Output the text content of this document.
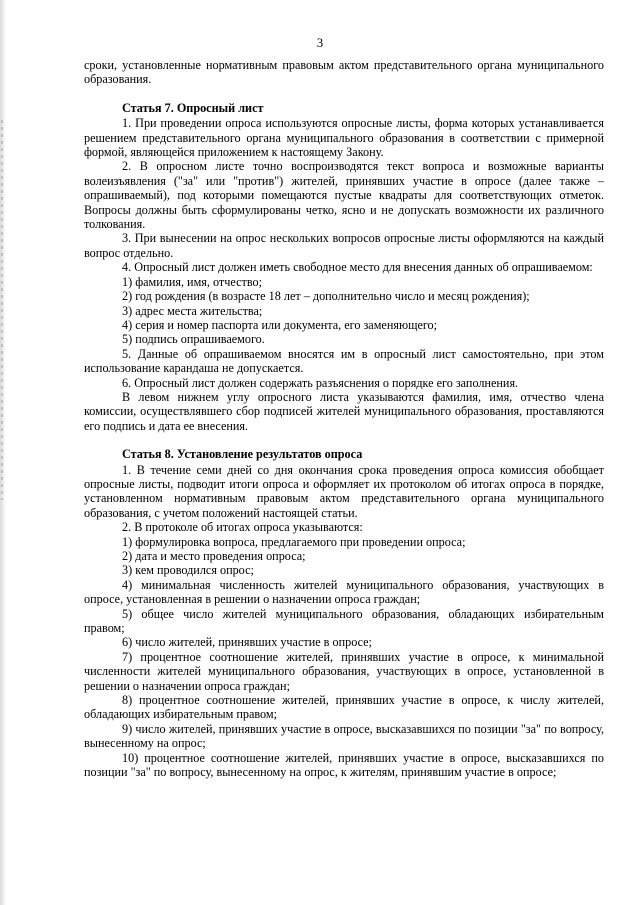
3

сроки, установленные нормативным правовым актом представительного органа муниципального образования.

Статья 7. Опросный лист

1. При проведении опроса используются опросные листы, форма которых устанавливается решением представительного органа муниципального образования в соответствии с примерной формой, являющейся приложением к настоящему Закону.

2. В опросном листе точно воспроизводятся текст вопроса и возможные варианты волеизъявления ("за" или "против") жителей, принявших участие в опросе (далее также – опрашиваемый), под которыми помещаются пустые квадраты для соответствующих отметок. Вопросы должны быть сформулированы четко, ясно и не допускать возможности их различного толкования.

3. При вынесении на опрос нескольких вопросов опросные листы оформляются на каждый вопрос отдельно.

4. Опросный лист должен иметь свободное место для внесения данных об опрашиваемом:

1) фамилия, имя, отчество;

2) год рождения (в возрасте 18 лет – дополнительно число и месяц рождения);

3) адрес места жительства;

4) серия и номер паспорта или документа, его заменяющего;

5) подпись опрашиваемого.

5. Данные об опрашиваемом вносятся им в опросный лист самостоятельно, при этом использование карандаша не допускается.

6. Опросный лист должен содержать разъяснения о порядке его заполнения.

В левом нижнем углу опросного листа указываются фамилия, имя, отчество члена комиссии, осуществлявшего сбор подписей жителей муниципального образования, проставляются его подпись и дата ее внесения.

Статья 8. Установление результатов опроса

1. В течение семи дней со дня окончания срока проведения опроса комиссия обобщает опросные листы, подводит итоги опроса и оформляет их протоколом об итогах опроса в порядке, установленном нормативным правовым актом представительного органа муниципального образования, с учетом положений настоящей статьи.

2. В протоколе об итогах опроса указываются:

1) формулировка вопроса, предлагаемого при проведении опроса;

2) дата и место проведения опроса;

3) кем проводился опрос;

4) минимальная численность жителей муниципального образования, участвующих в опросе, установленная в решении о назначении опроса граждан;

5) общее число жителей муниципального образования, обладающих избирательным правом;

6) число жителей, принявших участие в опросе;

7) процентное соотношение жителей, принявших участие в опросе, к минимальной численности жителей муниципального образования, участвующих в опросе, установленной в решении о назначении опроса граждан;

8) процентное соотношение жителей, принявших участие в опросе, к числу жителей, обладающих избирательным правом;

9) число жителей, принявших участие в опросе, высказавшихся по позиции "за" по вопросу, вынесенному на опрос;

10) процентное соотношение жителей, принявших участие в опросе, высказавшихся по позиции "за" по вопросу, вынесенному на опрос, к жителям, принявшим участие в опросе;
